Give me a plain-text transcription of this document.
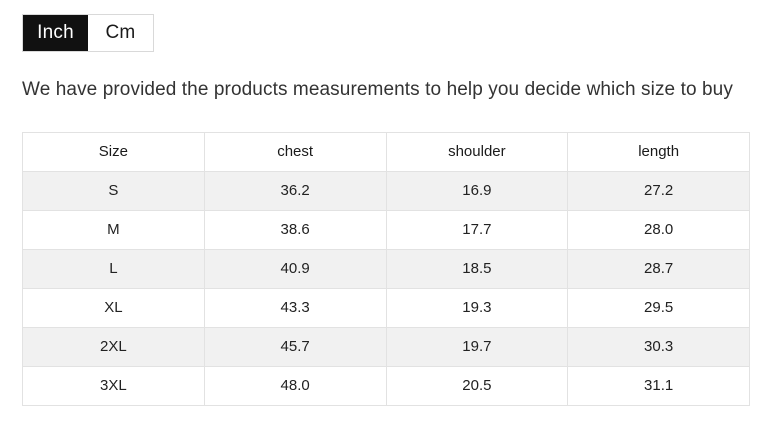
Inch Cm
We have provided the products measurements to help you decide which size to buy
Size	chest	shoulder	length
S	36.2	16.9	27.2
M	38.6	17.7	28.0
L	40.9	18.5	28.7
XL	43.3	19.3	29.5
2XL	45.7	19.7	30.3
3XL	48.0	20.5	31.1
